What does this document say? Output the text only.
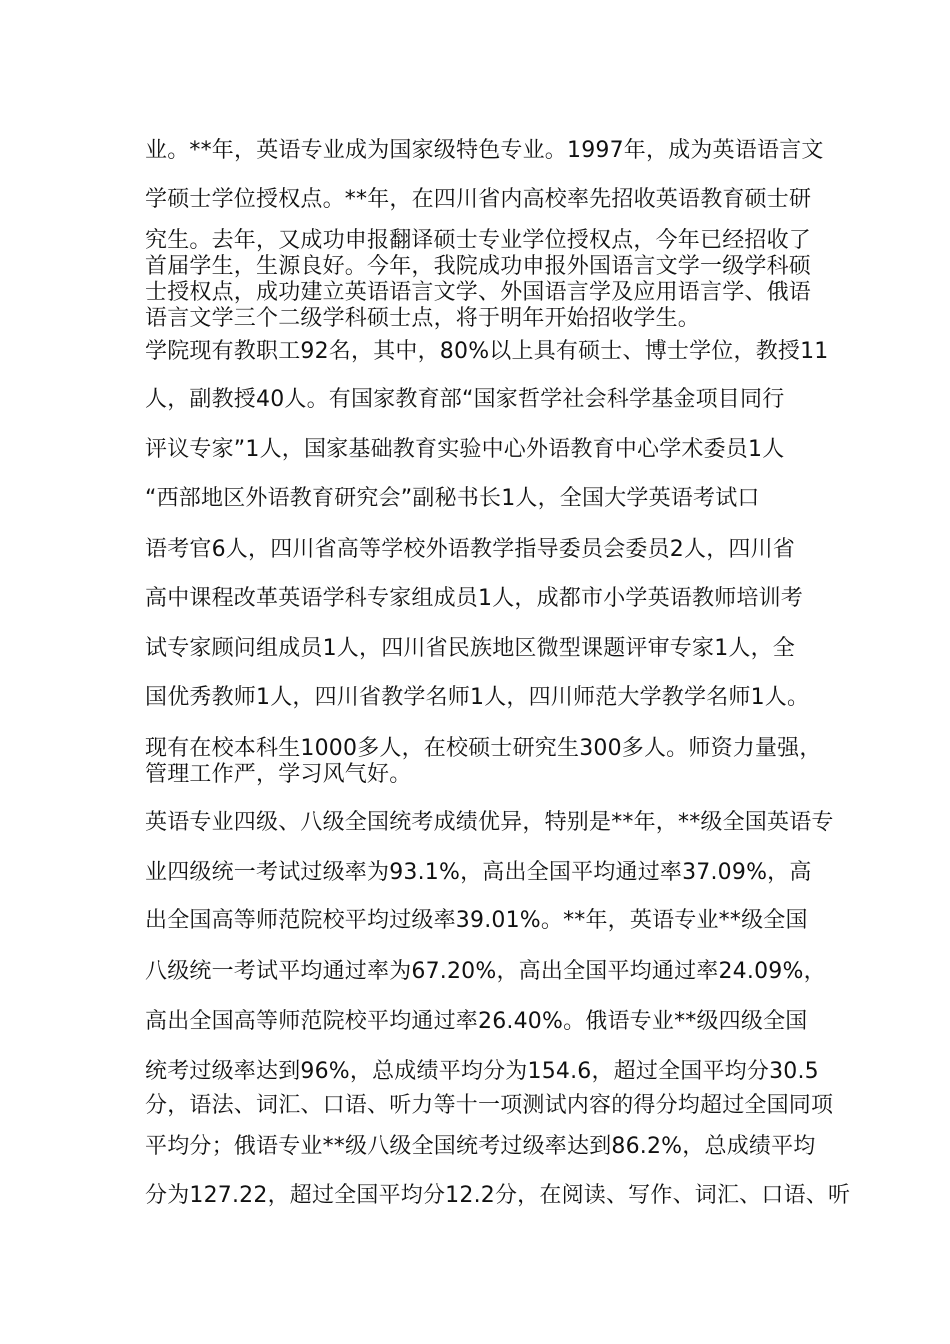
业。**年，英语专业成为国家级特色专业。1997年，成为英语语言文
学硕士学位授权点。**年，在四川省内高校率先招收英语教育硕士研
究生。去年，又成功申报翻译硕士专业学位授权点，今年已经招收了
首届学生，生源良好。今年，我院成功申报外国语言文学一级学科硕
士授权点，成功建立英语语言文学、外国语言学及应用语言学、俄语
语言文学三个二级学科硕士点，将于明年开始招收学生。
学院现有教职工92名，其中，80%以上具有硕士、博士学位，教授11
人，副教授40人。有国家教育部“国家哲学社会科学基金项目同行
评议专家”1人，国家基础教育实验中心外语教育中心学术委员1人
“西部地区外语教育研究会”副秘书长1人，全国大学英语考试口
语考官6人，四川省高等学校外语教学指导委员会委员2人，四川省
高中课程改革英语学科专家组成员1人，成都市小学英语教师培训考
试专家顾问组成员1人，四川省民族地区微型课题评审专家1人，全
国优秀教师1人，四川省教学名师1人，四川师范大学教学名师1人。
现有在校本科生1000多人，在校硕士研究生300多人。师资力量强，
管理工作严，学习风气好。
英语专业四级、八级全国统考成绩优异，特别是**年，**级全国英语专
业四级统一考试过级率为93.1%，高出全国平均通过率37.09%，高
出全国高等师范院校平均过级率39.01%。**年，英语专业**级全国
八级统一考试平均通过率为67.20%，高出全国平均通过率24.09%，
高出全国高等师范院校平均通过率26.40%。俄语专业**级四级全国
统考过级率达到96%，总成绩平均分为154.6，超过全国平均分30.5
分，语法、词汇、口语、听力等十一项测试内容的得分均超过全国同项
平均分；俄语专业**级八级全国统考过级率达到86.2%，总成绩平均
分为127.22，超过全国平均分12.2分，在阅读、写作、词汇、口语、听
